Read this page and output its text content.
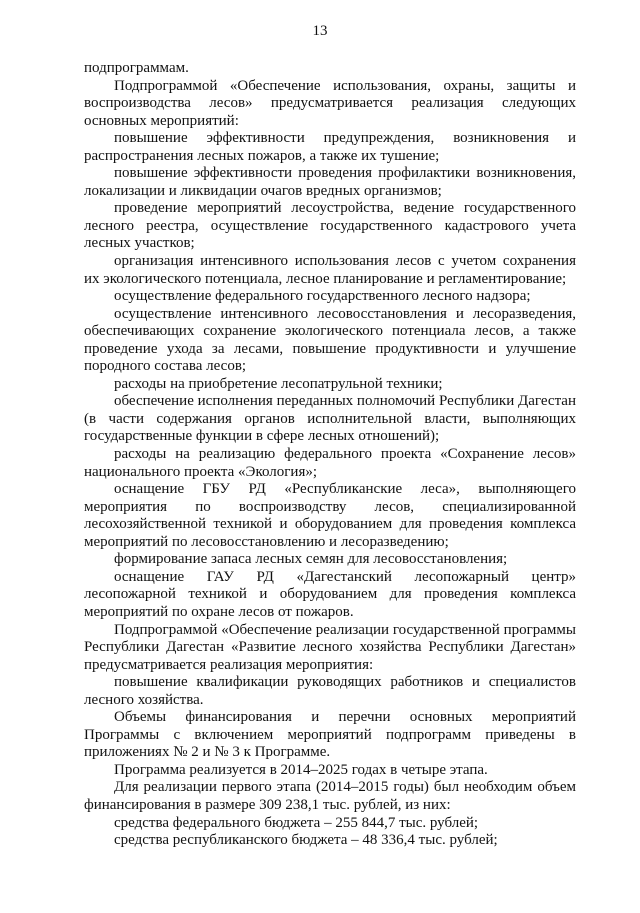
13

подпрограммам.

Подпрограммой «Обеспечение использования, охраны, защиты и воспроизводства лесов» предусматривается реализация следующих основных мероприятий:

повышение эффективности предупреждения, возникновения и распространения лесных пожаров, а также их тушение;

повышение эффективности проведения профилактики возникновения, локализации и ликвидации очагов вредных организмов;

проведение мероприятий лесоустройства, ведение государственного лесного реестра, осуществление государственного кадастрового учета лесных участков;

организация интенсивного использования лесов с учетом сохранения их экологического потенциала, лесное планирование и регламентирование;

осуществление федерального государственного лесного надзора;

осуществление интенсивного лесовосстановления и лесоразведения, обеспечивающих сохранение экологического потенциала лесов, а также проведение ухода за лесами, повышение продуктивности и улучшение породного состава лесов;

расходы на приобретение лесопатрульной техники;

обеспечение исполнения переданных полномочий Республики Дагестан (в части содержания органов исполнительной власти, выполняющих государственные функции в сфере лесных отношений);

расходы на реализацию федерального проекта «Сохранение лесов» национального проекта «Экология»;

оснащение ГБУ РД «Республиканские леса», выполняющего мероприятия по воспроизводству лесов, специализированной лесохозяйственной техникой и оборудованием для проведения комплекса мероприятий по лесовосстановлению и лесоразведению;

формирование запаса лесных семян для лесовосстановления;

оснащение ГАУ РД «Дагестанский лесопожарный центр» лесопожарной техникой и оборудованием для проведения комплекса мероприятий по охране лесов от пожаров.

Подпрограммой «Обеспечение реализации государственной программы Республики Дагестан «Развитие лесного хозяйства Республики Дагестан» предусматривается реализация мероприятия:

повышение квалификации руководящих работников и специалистов лесного хозяйства.

Объемы финансирования и перечни основных мероприятий Программы с включением мероприятий подпрограмм приведены в приложениях № 2 и № 3 к Программе.

Программа реализуется в 2014–2025 годах в четыре этапа.

Для реализации первого этапа (2014–2015 годы) был необходим объем финансирования в размере 309 238,1 тыс. рублей, из них:

средства федерального бюджета – 255 844,7 тыс. рублей;

средства республиканского бюджета – 48 336,4 тыс. рублей;
